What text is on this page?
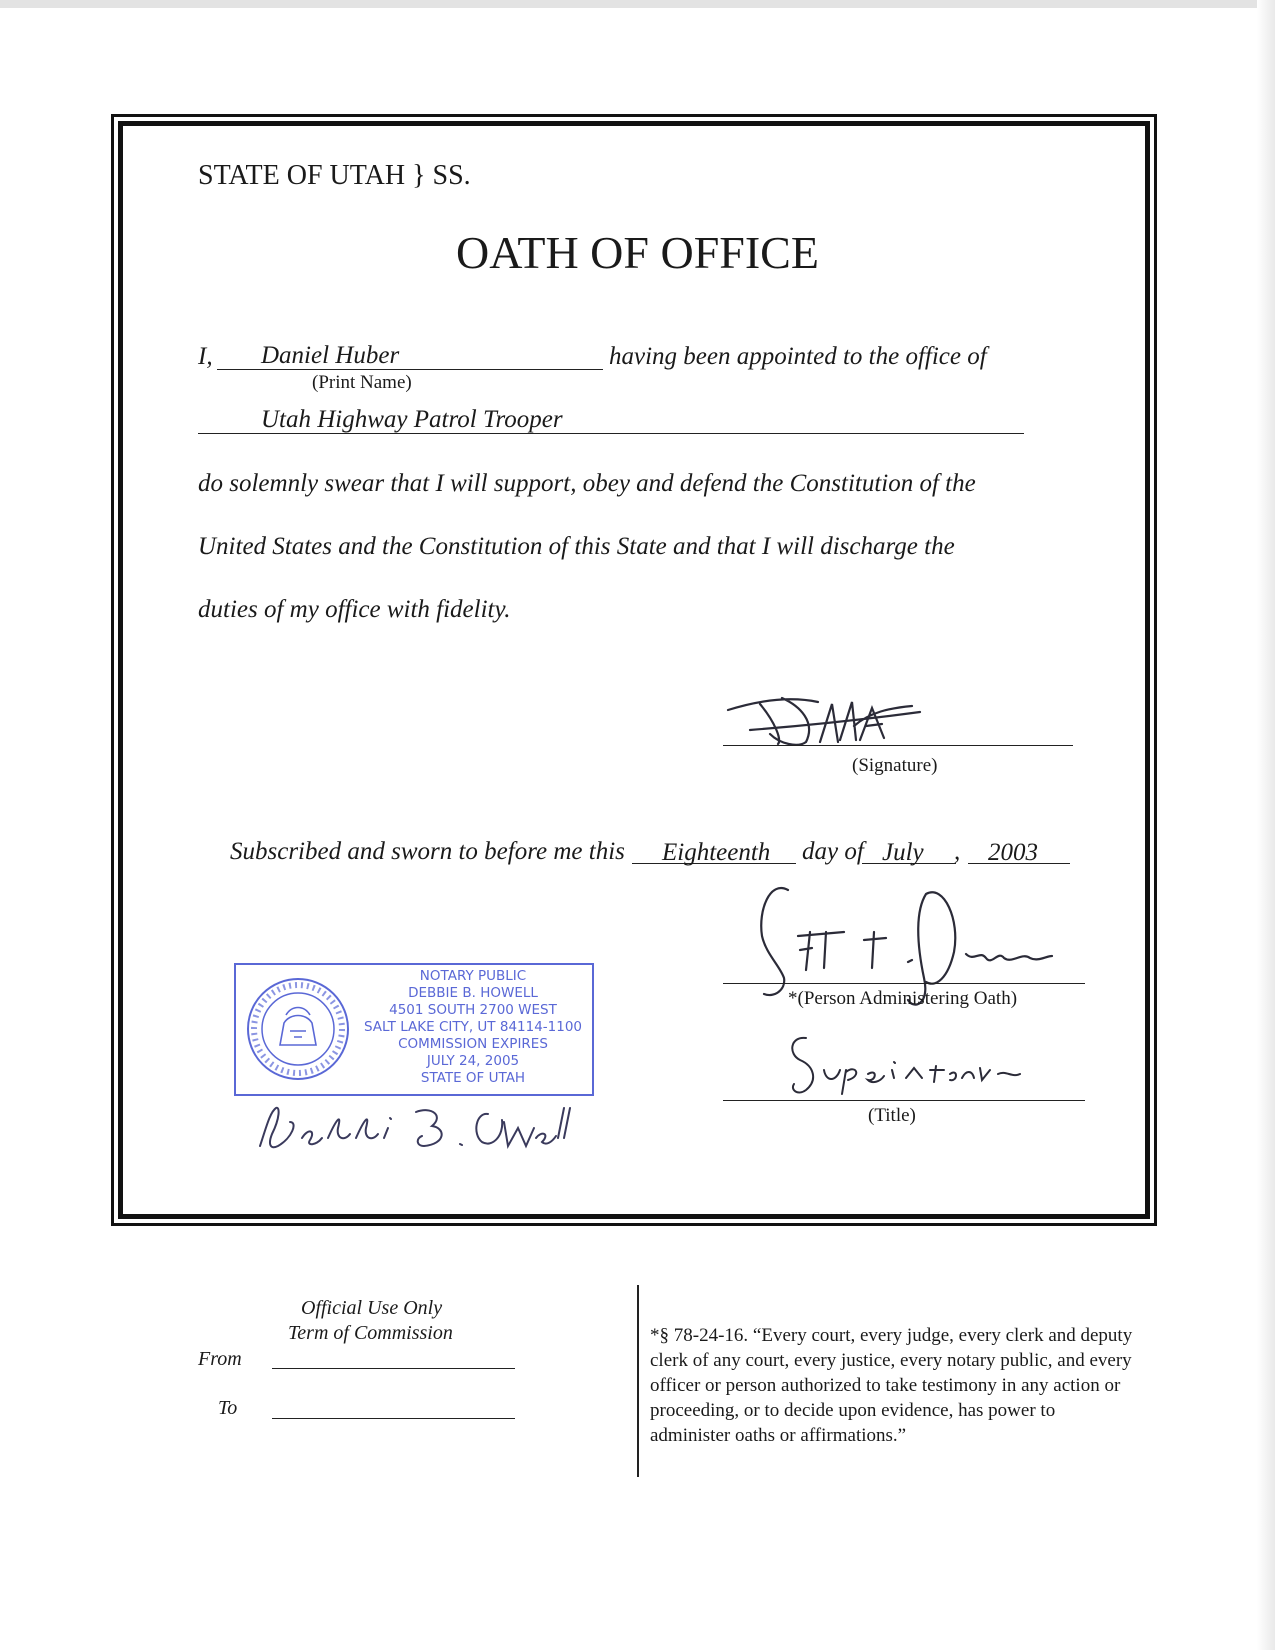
STATE OF UTAH } SS.
OATH OF OFFICE
I, Daniel Huber
(Print Name)
having been appointed to the office of
Utah Highway Patrol Trooper
do solemnly swear that I will support, obey and defend the Constitution of the
United States and the Constitution of this State and that I will discharge the
duties of my office with fidelity.
(Signature)
Subscribed and sworn to before me this Eighteenth day of July , 2003
*(Person Administering Oath)
(Title)
NOTARY PUBLIC
DEBBIE B. HOWELL
4501 SOUTH 2700 WEST
SALT LAKE CITY, UT 84114-1100
COMMISSION EXPIRES
JULY 24, 2005
STATE OF UTAH
Official Use Only
Term of Commission
From
To
*§ 78-24-16. “Every court, every judge, every clerk and deputy clerk of any court, every justice, every notary public, and every officer or person authorized to take testimony in any action or proceeding, or to decide upon evidence, has power to administer oaths or affirmations.”
